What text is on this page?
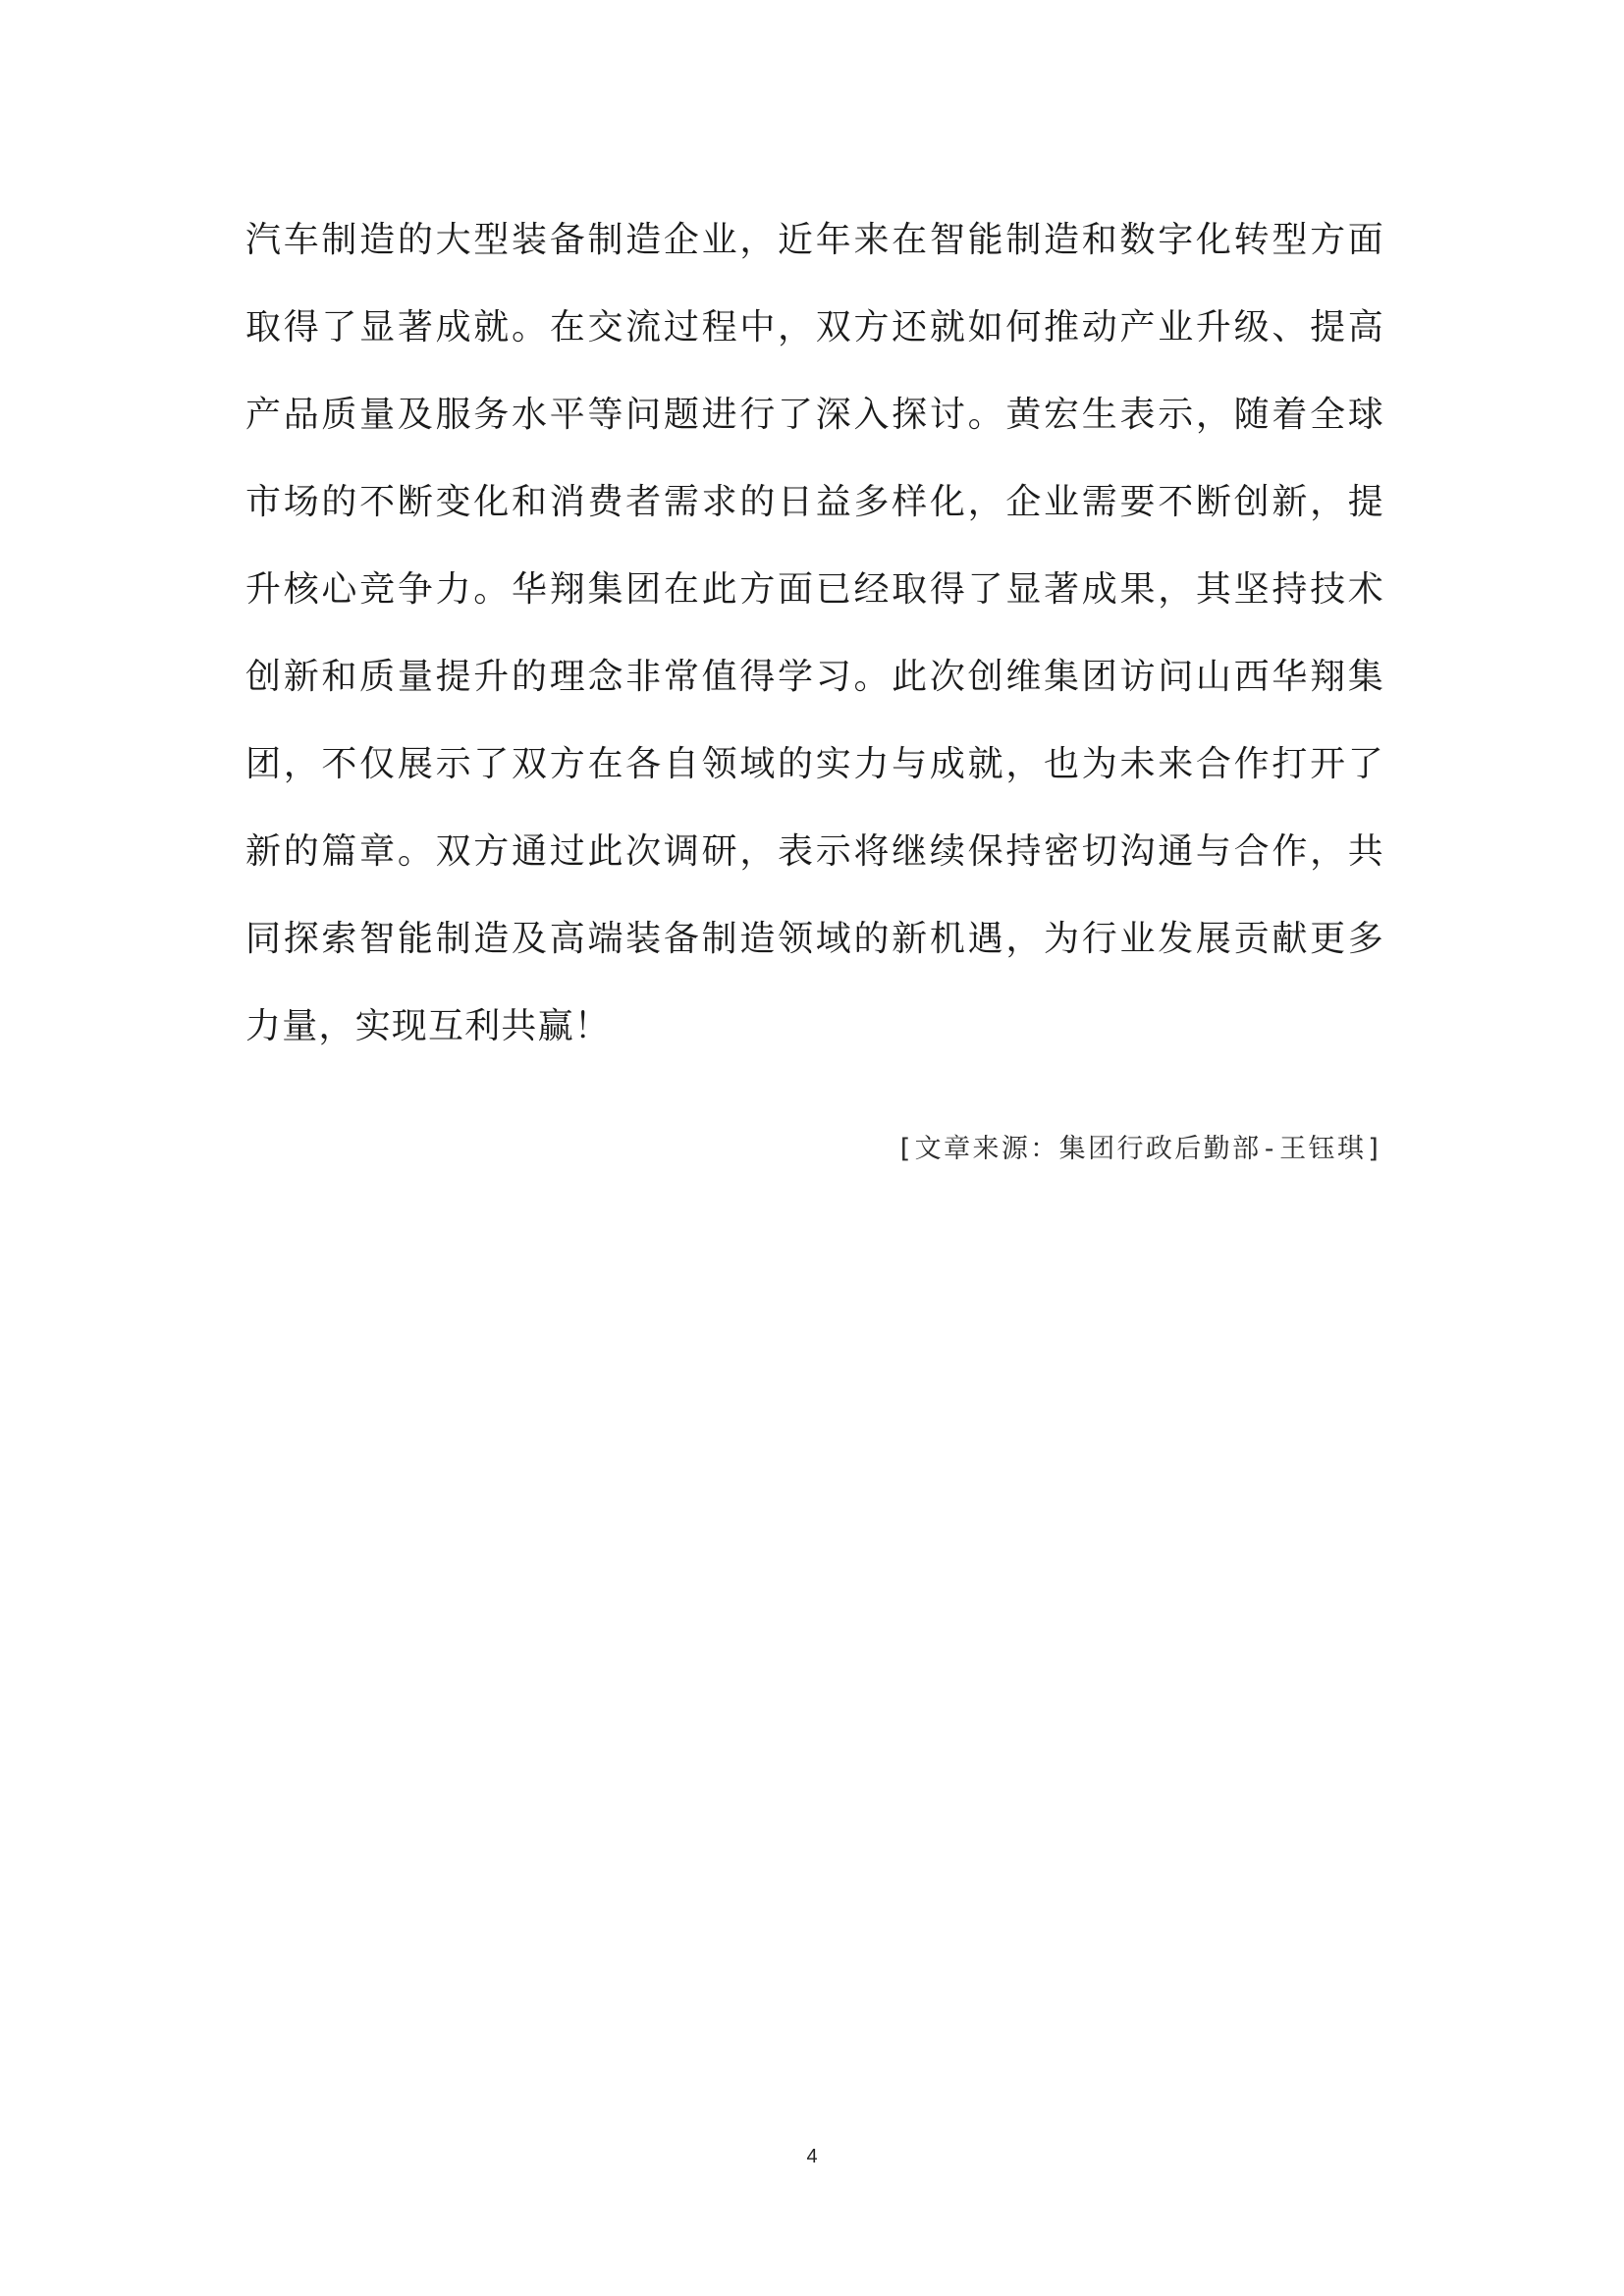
汽车制造的大型装备制造企业，近年来在智能制造和数字化转型方面
取得了显著成就。在交流过程中，双方还就如何推动产业升级、提高
产品质量及服务水平等问题进行了深入探讨。黄宏生表示，随着全球
市场的不断变化和消费者需求的日益多样化，企业需要不断创新，提
升核心竞争力。华翔集团在此方面已经取得了显著成果，其坚持技术
创新和质量提升的理念非常值得学习。此次创维集团访问山西华翔集
团，不仅展示了双方在各自领域的实力与成就，也为未来合作打开了
新的篇章。双方通过此次调研，表示将继续保持密切沟通与合作，共
同探索智能制造及高端装备制造领域的新机遇，为行业发展贡献更多
力量，实现互利共赢！
[文章来源：集团行政后勤部-王钰琪]
4
